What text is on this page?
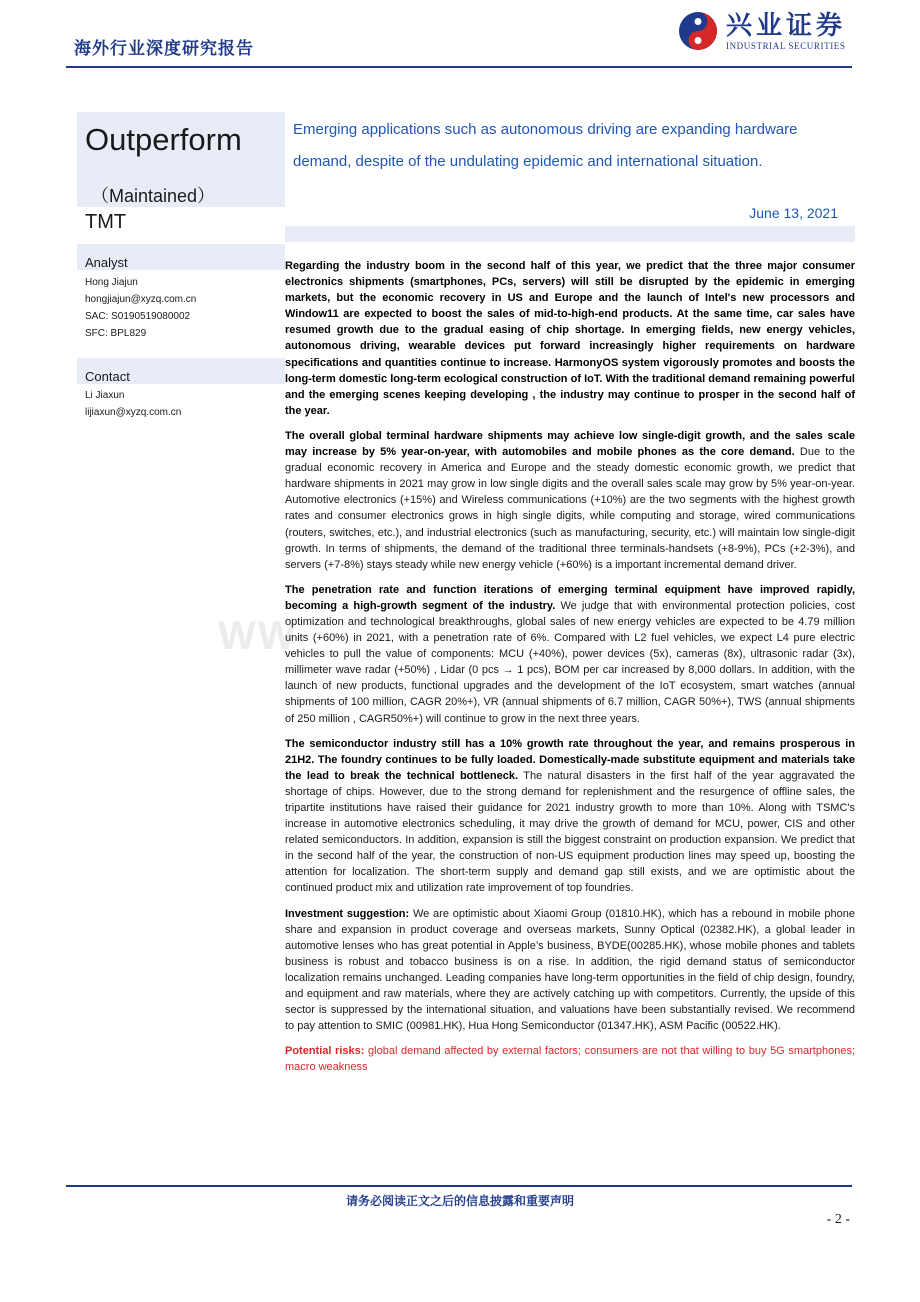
海外行业深度研究报告
兴业证券
INDUSTRIAL SECURITIES
Outperform
（Maintained）
TMT
Analyst
Hong Jiajun
hongjiajun@xyzq.com.cn
SAC: S0190519080002
SFC: BPL829
Contact
Li Jiaxun
lijiaxun@xyzq.com.cn
Emerging applications such as autonomous driving are expanding hardware demand, despite of the undulating epidemic and international situation.
June 13, 2021
WW

Regarding the industry boom in the second half of this year, we predict that the three major consumer electronics shipments (smartphones, PCs, servers) will still be disrupted by the epidemic in emerging markets, but the economic recovery in US and Europe and the launch of Intel's new processors and Window11 are expected to boost the sales of mid-to-high-end products. At the same time, car sales have resumed growth due to the gradual easing of chip shortage. In emerging fields, new energy vehicles, autonomous driving, wearable devices put forward increasingly higher requirements on hardware specifications and quantities continue to increase. HarmonyOS system vigorously promotes and boosts the long-term domestic long-term ecological construction of IoT. With the traditional demand remaining powerful and the emerging scenes keeping developing , the industry may continue to prosper in the second half of the year.

The overall global terminal hardware shipments may achieve low single-digit growth, and the sales scale may increase by 5% year-on-year, with automobiles and mobile phones as the core demand. Due to the gradual economic recovery in America and Europe and the steady domestic economic growth, we predict that hardware shipments in 2021 may grow in low single digits and the overall sales scale may grow by 5% year-on-year. Automotive electronics (+15%) and Wireless communications (+10%) are the two segments with the highest growth rates and consumer electronics grows in high single digits, while computing and storage, wired communications (routers, switches, etc.), and industrial electronics (such as manufacturing, security, etc.) will maintain low single-digit growth. In terms of shipments, the demand of the traditional three terminals-handsets (+8-9%), PCs (+2-3%), and servers (+7-8%) stays steady while new energy vehicle (+60%) is a important incremental demand driver.

The penetration rate and function iterations of emerging terminal equipment have improved rapidly, becoming a high-growth segment of the industry. We judge that with environmental protection policies, cost optimization and technological breakthroughs, global sales of new energy vehicles are expected to be 4.79 million units (+60%) in 2021, with a penetration rate of 6%. Compared with L2 fuel vehicles, we expect L4 pure electric vehicles to pull the value of components: MCU (+40%), power devices (5x), cameras (8x), ultrasonic radar (3x), millimeter wave radar (+50%) , Lidar (0 pcs → 1 pcs), BOM per car increased by 8,000 dollars. In addition, with the launch of new products, functional upgrades and the development of the IoT ecosystem, smart watches (annual shipments of 100 million, CAGR 20%+), VR (annual shipments of 6.7 million, CAGR 50%+), TWS (annual shipments of 250 million , CAGR50%+) will continue to grow in the next three years.

The semiconductor industry still has a 10% growth rate throughout the year, and remains prosperous in 21H2. The foundry continues to be fully loaded. Domestically-made substitute equipment and materials take the lead to break the technical bottleneck. The natural disasters in the first half of the year aggravated the shortage of chips. However, due to the strong demand for replenishment and the resurgence of offline sales, the tripartite institutions have raised their guidance for 2021 industry growth to more than 10%. Along with TSMC's increase in automotive electronics scheduling, it may drive the growth of demand for MCU, power, CIS and other related semiconductors. In addition, expansion is still the biggest constraint on production expansion. We predict that in the second half of the year, the construction of non-US equipment production lines may speed up, boosting the attention for localization. The short-term supply and demand gap still exists, and we are optimistic about the continued product mix and utilization rate improvement of top foundries.

Investment suggestion: We are optimistic about Xiaomi Group (01810.HK), which has a rebound in mobile phone share and expansion in product coverage and overseas markets, Sunny Optical (02382.HK), a global leader in automotive lenses who has great potential in Apple’s business, BYDE(00285.HK), whose mobile phones and tablets business is robust and tobacco business is on a rise. In addition, the rigid demand status of semiconductor localization remains unchanged. Leading companies have long-term opportunities in the field of chip design, foundry, and equipment and raw materials, where they are actively catching up with competitors. Currently, the upside of this sector is suppressed by the international situation, and valuations have been substantially revised. We recommend to pay attention to SMIC (00981.HK), Hua Hong Semiconductor (01347.HK), ASM Pacific (00522.HK).

Potential risks: global demand affected by external factors; consumers are not that willing to buy 5G smartphones; macro weakness

请务必阅读正文之后的信息披露和重要声明
- 2 -
